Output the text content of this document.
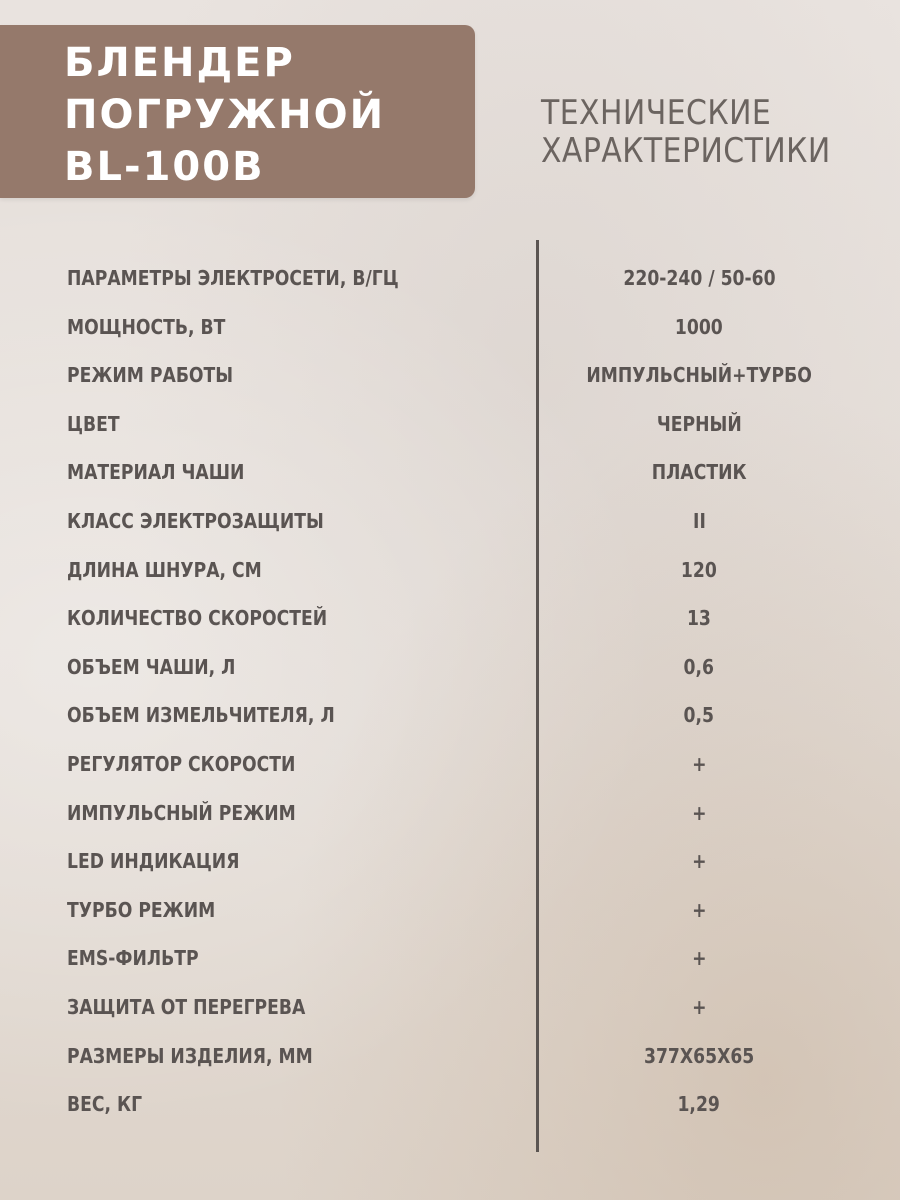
БЛЕНДЕР
ПОГРУЖНОЙ
BL-100B
ТЕХНИЧЕСКИЕ
ХАРАКТЕРИСТИКИ
ПАРАМЕТРЫ ЭЛЕКТРОСЕТИ, В/ГЦ	220-240 / 50-60
МОЩНОСТЬ, ВТ	1000
РЕЖИМ РАБОТЫ	ИМПУЛЬСНЫЙ+ТУРБО
ЦВЕТ	ЧЕРНЫЙ
МАТЕРИАЛ ЧАШИ	ПЛАСТИК
КЛАСС ЭЛЕКТРОЗАЩИТЫ	II
ДЛИНА ШНУРА, СМ	120
КОЛИЧЕСТВО СКОРОСТЕЙ	13
ОБЪЕМ ЧАШИ, Л	0,6
ОБЪЕМ ИЗМЕЛЬЧИТЕЛЯ, Л	0,5
РЕГУЛЯТОР СКОРОСТИ	+
ИМПУЛЬСНЫЙ РЕЖИМ	+
LED ИНДИКАЦИЯ	+
ТУРБО РЕЖИМ	+
EMS-ФИЛЬТР	+
ЗАЩИТА ОТ ПЕРЕГРЕВА	+
РАЗМЕРЫ ИЗДЕЛИЯ, ММ	377Х65Х65
ВЕС, КГ	1,29
